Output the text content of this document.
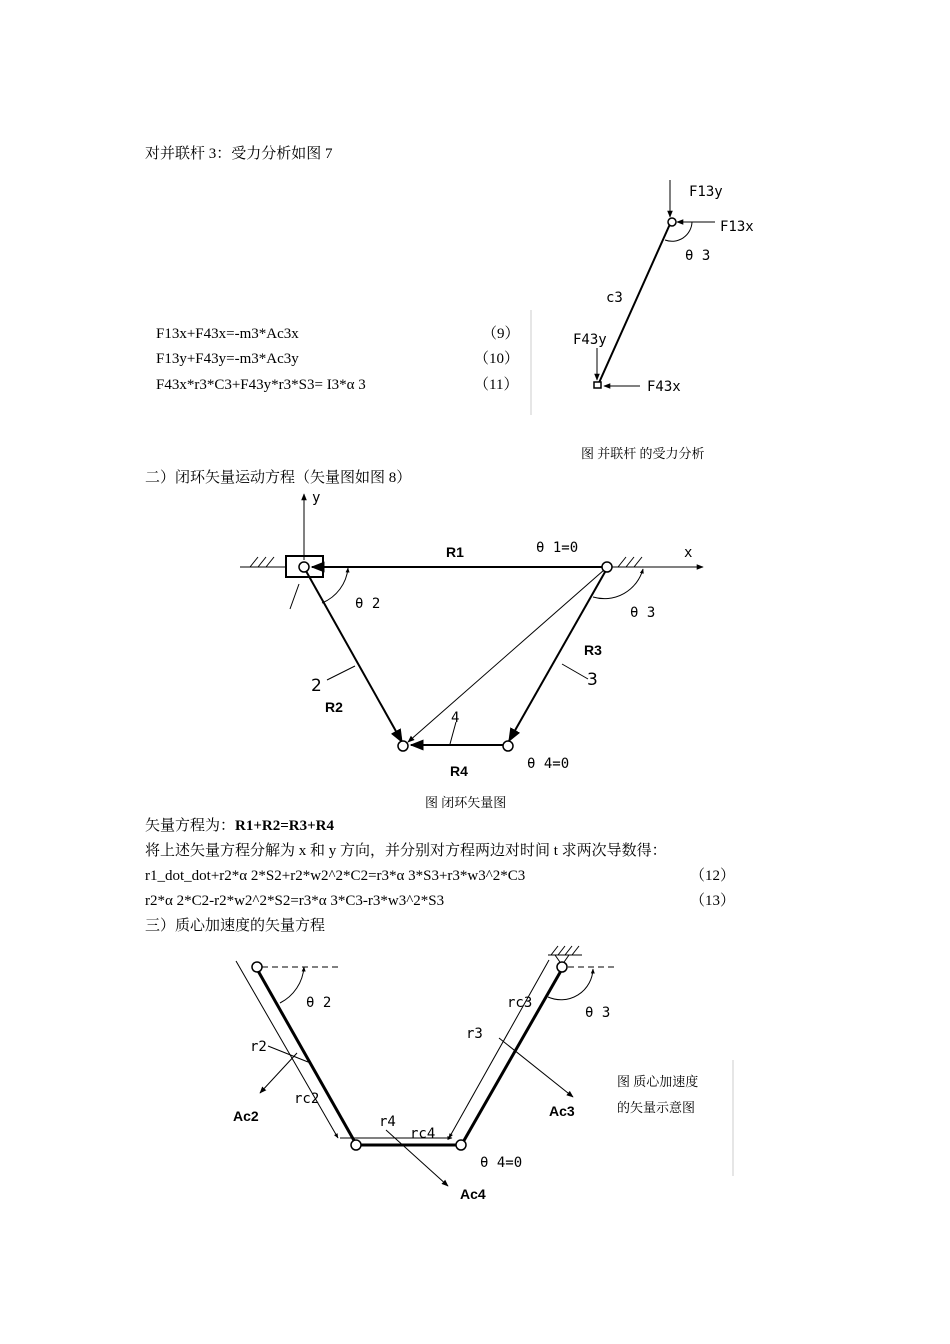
对并联杆 3：受力分析如图 7
F13x+F43x=-m3*Ac3x	（9）
F13y+F43y=-m3*Ac3y	（10）
F43x*r3*C3+F43y*r3*S3= I3*α 3	（11）
F13y
F13x
θ 3
c3
F43y
F43x
图 并联杆 的受力分析
二）闭环矢量运动方程（矢量图如图 8）
y
x
R1	θ 1=0
θ 2
θ 3
R3
3
2
R2
4
R4	θ 4=0
图 闭环矢量图
矢量方程为：R1+R2=R3+R4
将上述矢量方程分解为 x 和 y 方向，并分别对方程两边对时间 t 求两次导数得：
r1_dot_dot+r2*α 2*S2+r2*w2^2*C2=r3*α 3*S3+r3*w3^2*C3	（12）
r2*α 2*C2-r2*w2^2*S2=r3*α 3*C3-r3*w3^2*S3	（13）
三）质心加速度的矢量方程
θ 2	rc3
θ 3
r3
r2
Ac2
rc2
Ac3
r4
rc4
θ 4=0
Ac4
图 质心加速度
的矢量示意图
